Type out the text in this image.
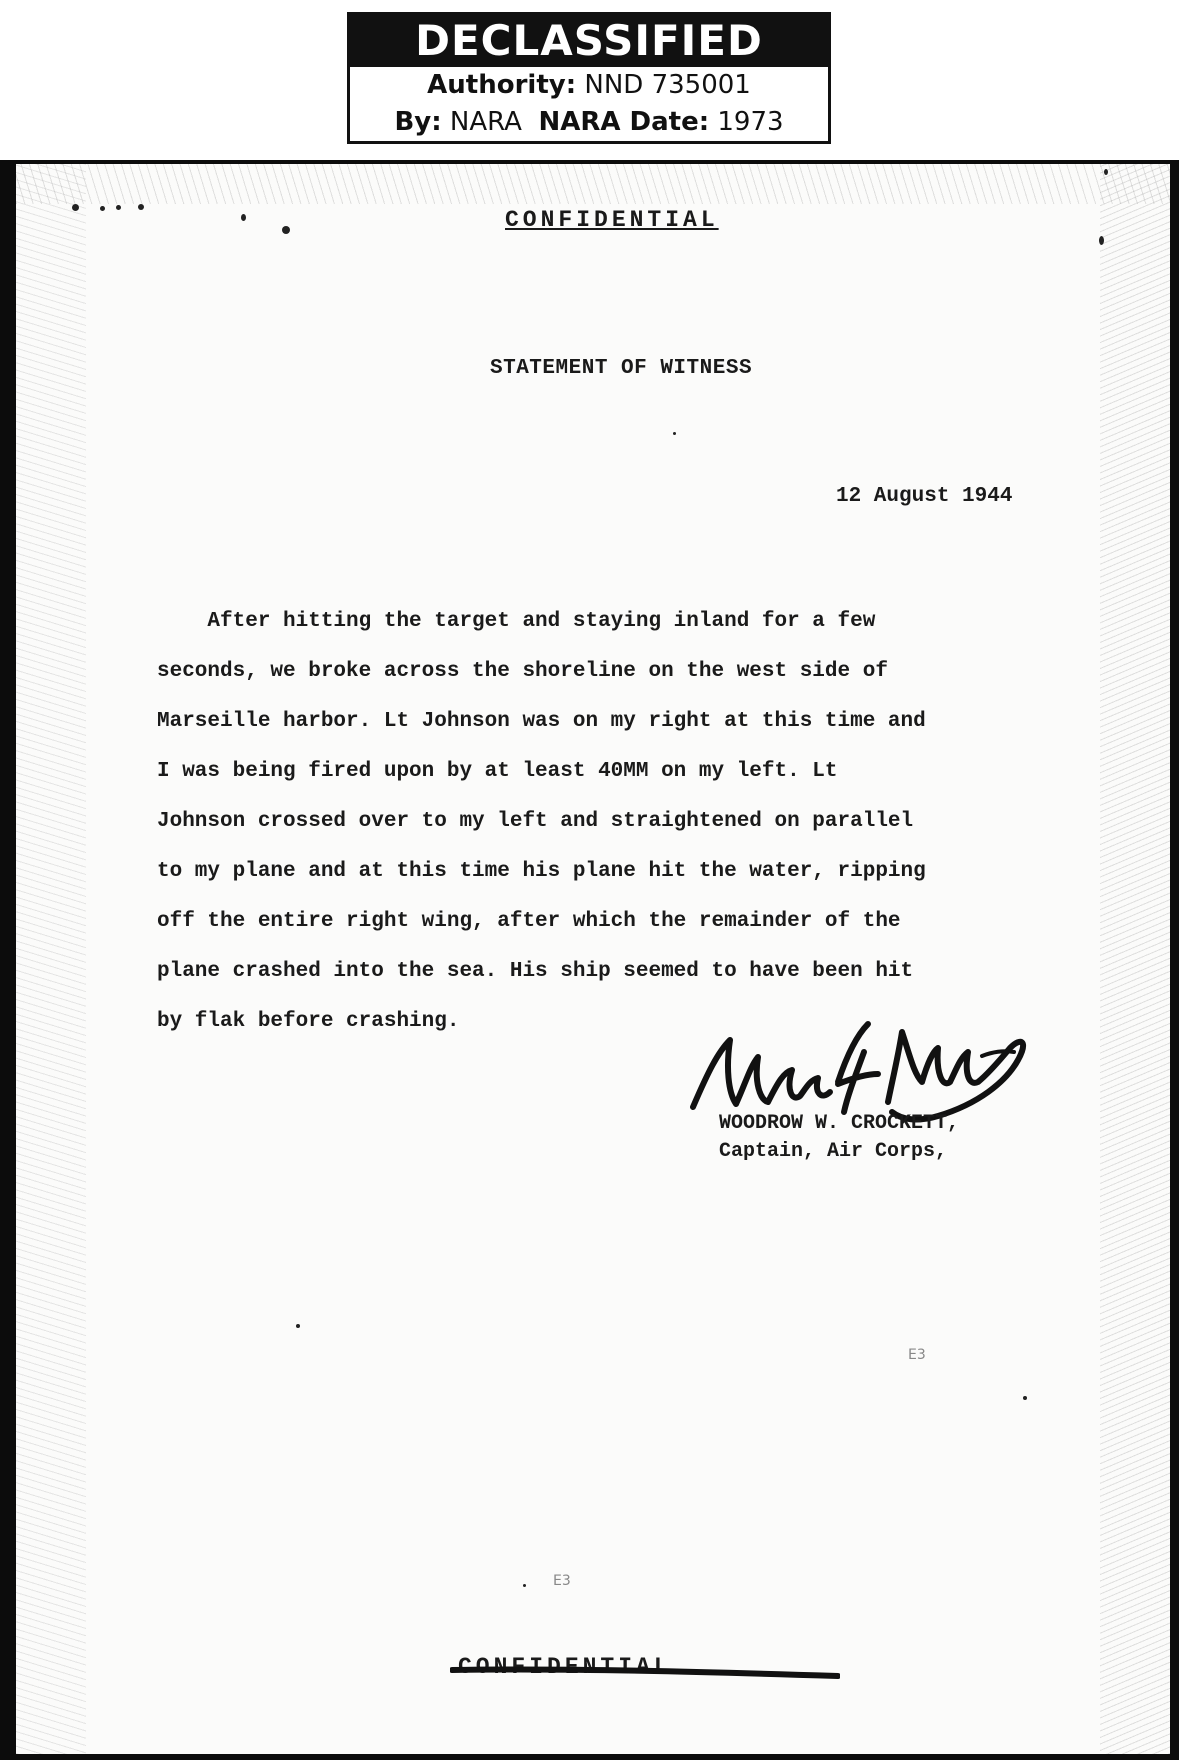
DECLASSIFIED
Authority: NND 735001
By: NARA NARA Date: 1973
CONFIDENTIAL
STATEMENT OF WITNESS
12 August 1944
After hitting the target and staying inland for a few
seconds, we broke across the shoreline on the west side of
Marseille harbor. Lt Johnson was on my right at this time and
I was being fired upon by at least 40MM on my left. Lt
Johnson crossed over to my left and straightened on parallel
to my plane and at this time his plane hit the water, ripping
off the entire right wing, after which the remainder of the
plane crashed into the sea. His ship seemed to have been hit
by flak before crashing.
WOODROW W. CROCKETT,
Captain, Air Corps,
E3
E3
CONFIDENTIAL
